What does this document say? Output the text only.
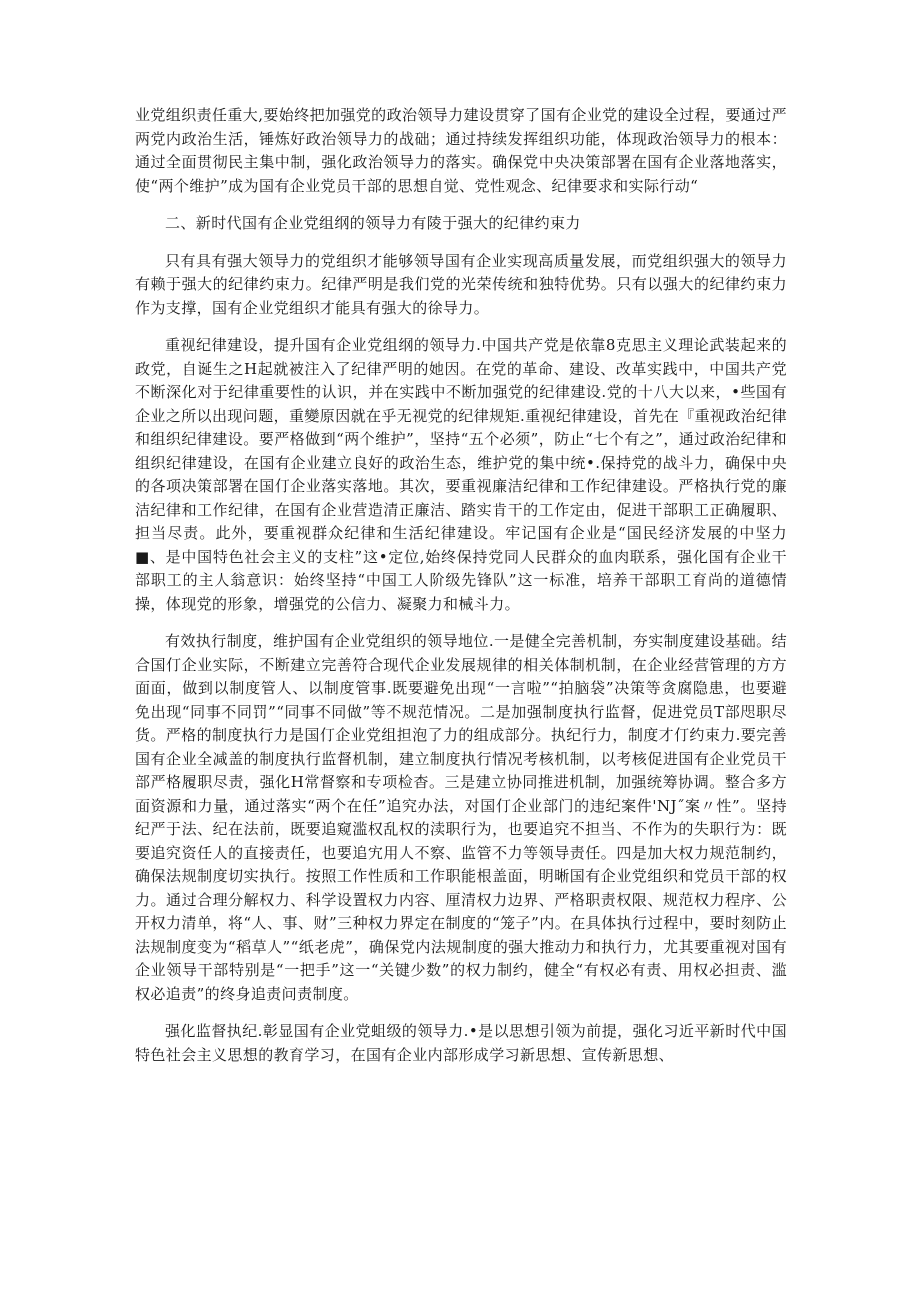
业党组织责任重大,要始终把加强党的政治领导力建设贯穿了国有企业党的建设全过程，要通过严两党内政治生活，锤炼好政治领导力的战础；通过持续发挥组织功能，体现政治领导力的根本：通过全面贯彻民主集中制，强化政治领导力的落实。确保党中央决策部署在国有企业落地落实，使“两个维护”成为国有企业党员干部的思想自觉、党性观念、纪律要求和实际行动“

二、新时代国有企业党组纲的领导力有陵于强大的纪律约束力

只有具有强大领导力的党组织才能够领导国有企业实现高质量发展，而党组织强大的领导力有赖于强大的纪律约束力。纪律严明是我们党的光荣传统和独特优势。只有以强大的纪律约束力作为支撑，国有企业党组织才能具有强大的徐导力。

重视纪律建设，提升国有企业党组纲的领导力.中国共产党是依靠8克思主义理论武装起来的政党，自诞生之H起就被注入了纪律严明的她因。在党的革命、建设、改革实践中，中国共产党不断深化对于纪律重要性的认识，并在实践中不断加强党的纪律建设.党的十八大以来，•些国有企业之所以出现问题，重變原因就在乎无视党的纪律规矩.重视纪律建设，首先在『重视政治纪律和组织纪律建设。要严格做到“两个维护”，坚持“五个必须”，防止“七个有之”，通过政治纪律和组织纪律建设，在国有企业建立良好的政治生态，维护党的集中统•.保持党的战斗力，确保中央的各项决策部署在国仃企业落实落地。其次，要重视廉洁纪律和工作纪律建设。严格执行党的廉洁纪律和工作纪律，在国有企业营造清正廉洁、踏实肯干的工作定由，促进干部职工正确履职、担当尽责。此外，要重视群众纪律和生活纪律建设。牢记国有企业是“国民经济发展的中坚力■、是中国特色社会主义的支柱”这•定位,始终保持党同人民群众的血肉联系，强化国有企业干部职工的主人翁意识：始终坚持“中国工人阶级先锋队”这一标准，培养干部职工育尚的道德情操，体现党的形象，增强党的公信力、凝聚力和械斗力。

有效执行制度，维护国有企业党组织的领导地位.一是健全完善机制，夯实制度建设基础。结合国仃企业实际，不断建立完善符合现代企业发展规律的相关体制机制，在企业经营管理的方方面面，做到以制度管人、以制度管事.既要避免出现“一言啦”“拍脑袋”决策等贪腐隐患，也要避免出现“同事不同罚”“同事不同做”等不规范情况。二是加强制度执行监督，促进党员T部咫职尽货。严格的制度执行力是国仃企业党组担泡了力的组成部分。执纪行力，制度才仃约束力.要完善国有企业全减盖的制度执行监督机制，建立制度执行情况考核机制，以考核促进国有企业党员干部严格履职尽责，强化H常督察和专项检杳。三是建立协同推进机制，加强统筹协调。整合多方面资源和力量，通过落实“两个在任”追究办法，对国仃企业部门的违纪案件'NJ˝案〃性”。坚持纪严于法、纪在法前，既要追窥滥权乱权的渎职行为，也要追究不担当、不作为的失职行为：既要追究资任人的直接责任，也要追宄用人不察、监管不力等领导责任。四是加大权力规范制约，确保法规制度切实执行。按照工作性质和工作职能根盖面，明晰国有企业党组织和党员干部的权力。通过合理分解权力、科学设置权力内容、厘清权力边界、严格职责权限、规范权力程序、公开权力清单，将“人、事、财”三种权力界定在制度的“笼子”内。在具体执行过程中，要时刻防止法规制度变为“稻草人”“纸老虎”，确保党内法规制度的强大推动力和执行力，尤其要重视对国有企业领导干部特别是“一把手”这一“关键少数”的权力制约，健全“有权必有责、用权必担责、滥权必追责”的终身追责问责制度。

强化监督执纪.彰显国有企业党蛆级的领导力.•是以思想引领为前提，强化习近平新时代中国特色社会主义思想的教育学习，在国有企业内部形成学习新思想、宣传新思想、
